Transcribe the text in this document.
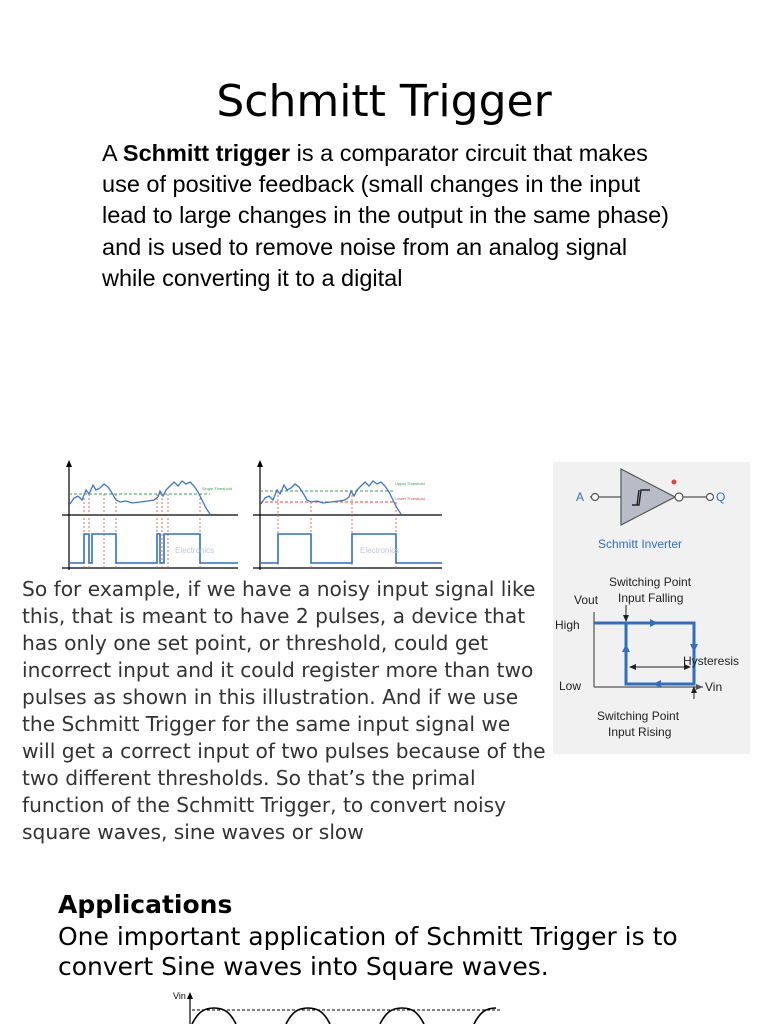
Schmitt Trigger
A Schmitt trigger is a comparator circuit that makes use of positive feedback (small changes in the input lead to large changes in the output in the same phase) and is used to remove noise from an analog signal while converting it to a digital
Single Threshold
Electronics
Upper Threshold
Lower Threshold
Electronics
A	Q
Schmitt Inverter
Switching Point
Input Falling
Vout
High
Low	Vin
Hysteresis
Switching Point
Input Rising
So for example, if we have a noisy input signal like this, that is meant to have 2 pulses, a device that has only one set point, or threshold, could get incorrect input and it could register more than two pulses as shown in this illustration. And if we use the Schmitt Trigger for the same input signal we will get a correct input of two pulses because of the two different thresholds. So that’s the primal function of the Schmitt Trigger, to convert noisy square waves, sine waves or slow
Applications
One important application of Schmitt Trigger is to convert Sine waves into Square waves.
Vin
